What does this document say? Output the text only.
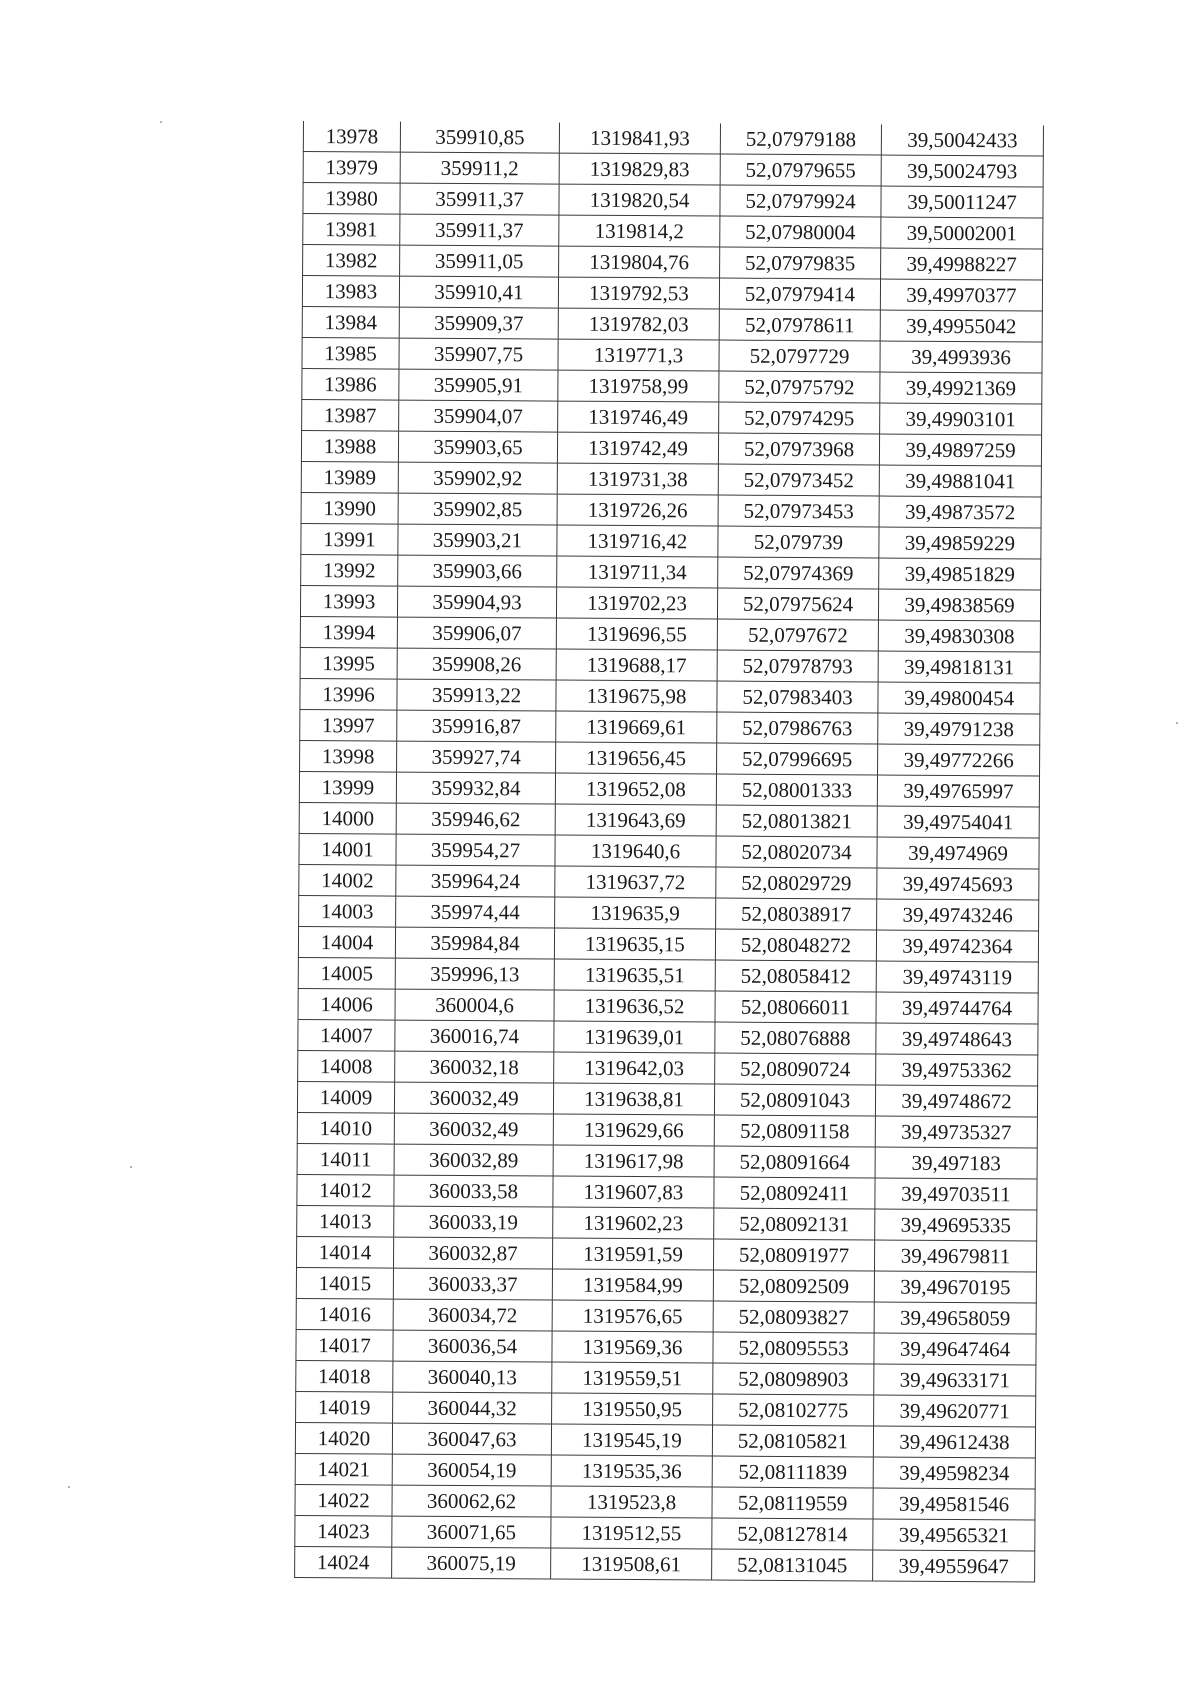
13978	359910,85	1319841,93	52,07979188	39,50042433
13979	359911,2	1319829,83	52,07979655	39,50024793
13980	359911,37	1319820,54	52,07979924	39,50011247
13981	359911,37	1319814,2	52,07980004	39,50002001
13982	359911,05	1319804,76	52,07979835	39,49988227
13983	359910,41	1319792,53	52,07979414	39,49970377
13984	359909,37	1319782,03	52,07978611	39,49955042
13985	359907,75	1319771,3	52,0797729	39,4993936
13986	359905,91	1319758,99	52,07975792	39,49921369
13987	359904,07	1319746,49	52,07974295	39,49903101
13988	359903,65	1319742,49	52,07973968	39,49897259
13989	359902,92	1319731,38	52,07973452	39,49881041
13990	359902,85	1319726,26	52,07973453	39,49873572
13991	359903,21	1319716,42	52,079739	39,49859229
13992	359903,66	1319711,34	52,07974369	39,49851829
13993	359904,93	1319702,23	52,07975624	39,49838569
13994	359906,07	1319696,55	52,0797672	39,49830308
13995	359908,26	1319688,17	52,07978793	39,49818131
13996	359913,22	1319675,98	52,07983403	39,49800454
13997	359916,87	1319669,61	52,07986763	39,49791238
13998	359927,74	1319656,45	52,07996695	39,49772266
13999	359932,84	1319652,08	52,08001333	39,49765997
14000	359946,62	1319643,69	52,08013821	39,49754041
14001	359954,27	1319640,6	52,08020734	39,4974969
14002	359964,24	1319637,72	52,08029729	39,49745693
14003	359974,44	1319635,9	52,08038917	39,49743246
14004	359984,84	1319635,15	52,08048272	39,49742364
14005	359996,13	1319635,51	52,08058412	39,49743119
14006	360004,6	1319636,52	52,08066011	39,49744764
14007	360016,74	1319639,01	52,08076888	39,49748643
14008	360032,18	1319642,03	52,08090724	39,49753362
14009	360032,49	1319638,81	52,08091043	39,49748672
14010	360032,49	1319629,66	52,08091158	39,49735327
14011	360032,89	1319617,98	52,08091664	39,497183
14012	360033,58	1319607,83	52,08092411	39,49703511
14013	360033,19	1319602,23	52,08092131	39,49695335
14014	360032,87	1319591,59	52,08091977	39,49679811
14015	360033,37	1319584,99	52,08092509	39,49670195
14016	360034,72	1319576,65	52,08093827	39,49658059
14017	360036,54	1319569,36	52,08095553	39,49647464
14018	360040,13	1319559,51	52,08098903	39,49633171
14019	360044,32	1319550,95	52,08102775	39,49620771
14020	360047,63	1319545,19	52,08105821	39,49612438
14021	360054,19	1319535,36	52,08111839	39,49598234
14022	360062,62	1319523,8	52,08119559	39,49581546
14023	360071,65	1319512,55	52,08127814	39,49565321
14024	360075,19	1319508,61	52,08131045	39,49559647
